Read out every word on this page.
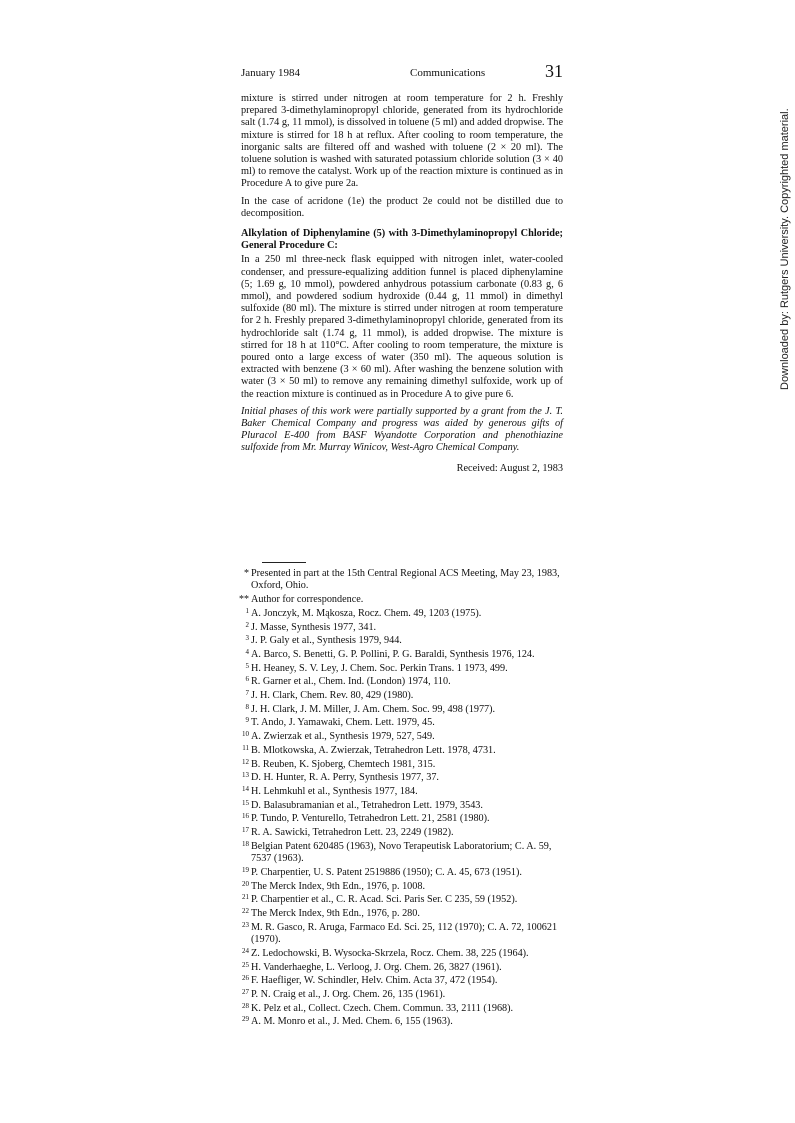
January 1984	Communications	31

mixture is stirred under nitrogen at room temperature for 2 h. Freshly prepared 3-dimethylaminopropyl chloride, generated from its hydrochloride salt (1.74 g, 11 mmol), is dissolved in toluene (5 ml) and added dropwise. The mixture is stirred for 18 h at reflux. After cooling to room temperature, the inorganic salts are filtered off and washed with toluene (2 × 20 ml). The toluene solution is washed with saturated potassium chloride solution (3 × 40 ml) to remove the catalyst. Work up of the reaction mixture is continued as in Procedure A to give pure 2a.

In the case of acridone (1e) the product 2e could not be distilled due to decomposition.

Alkylation of Diphenylamine (5) with 3-Dimethylaminopropyl Chloride; General Procedure C:

In a 250 ml three-neck flask equipped with nitrogen inlet, water-cooled condenser, and pressure-equalizing addition funnel is placed diphenylamine (5; 1.69 g, 10 mmol), powdered anhydrous potassium carbonate (0.83 g, 6 mmol), and powdered sodium hydroxide (0.44 g, 11 mmol) in dimethyl sulfoxide (80 ml). The mixture is stirred under nitrogen at room temperature for 2 h. Freshly prepared 3-dimethylaminopropyl chloride, generated from its hydrochloride salt (1.74 g, 11 mmol), is added dropwise. The mixture is stirred for 18 h at 110°C. After cooling to room temperature, the mixture is poured onto a large excess of water (350 ml). The aqueous solution is extracted with benzene (3 × 60 ml). After washing the benzene solution with water (3 × 50 ml) to remove any remaining dimethyl sulfoxide, work up of the reaction mixture is continued as in Procedure A to give pure 6.

Initial phases of this work were partially supported by a grant from the J. T. Baker Chemical Company and progress was aided by generous gifts of Pluracol E-400 from BASF Wyandotte Corporation and phenothiazine sulfoxide from Mr. Murray Winicov, West-Agro Chemical Company.

Received: August 2, 1983
* Presented in part at the 15th Central Regional ACS Meeting, May 23, 1983, Oxford, Ohio.
** Author for correspondence.
1 A. Jonczyk, M. Mąkosza, Rocz. Chem. 49, 1203 (1975).
2 J. Masse, Synthesis 1977, 341.
3 J. P. Galy et al., Synthesis 1979, 944.
4 A. Barco, S. Benetti, G. P. Pollini, P. G. Baraldi, Synthesis 1976, 124.
5 H. Heaney, S. V. Ley, J. Chem. Soc. Perkin Trans. 1 1973, 499.
6 R. Garner et al., Chem. Ind. (London) 1974, 110.
7 J. H. Clark, Chem. Rev. 80, 429 (1980).
8 J. H. Clark, J. M. Miller, J. Am. Chem. Soc. 99, 498 (1977).
9 T. Ando, J. Yamawaki, Chem. Lett. 1979, 45.
10 A. Zwierzak et al., Synthesis 1979, 527, 549.
11 B. Mlotkowska, A. Zwierzak, Tetrahedron Lett. 1978, 4731.
12 B. Reuben, K. Sjoberg, Chemtech 1981, 315.
13 D. H. Hunter, R. A. Perry, Synthesis 1977, 37.
14 H. Lehmkuhl et al., Synthesis 1977, 184.
15 D. Balasubramanian et al., Tetrahedron Lett. 1979, 3543.
16 P. Tundo, P. Venturello, Tetrahedron Lett. 21, 2581 (1980).
17 R. A. Sawicki, Tetrahedron Lett. 23, 2249 (1982).
18 Belgian Patent 620485 (1963), Novo Terapeutisk Laboratorium; C. A. 59, 7537 (1963).
19 P. Charpentier, U. S. Patent 2519886 (1950); C. A. 45, 673 (1951).
20 The Merck Index, 9th Edn., 1976, p. 1008.
21 P. Charpentier et al., C. R. Acad. Sci. Paris Ser. C 235, 59 (1952).
22 The Merck Index, 9th Edn., 1976, p. 280.
23 M. R. Gasco, R. Aruga, Farmaco Ed. Sci. 25, 112 (1970); C. A. 72, 100621 (1970).
24 Z. Ledochowski, B. Wysocka-Skrzela, Rocz. Chem. 38, 225 (1964).
25 H. Vanderhaeghe, L. Verloog, J. Org. Chem. 26, 3827 (1961).
26 F. Haefliger, W. Schindler, Helv. Chim. Acta 37, 472 (1954).
27 P. N. Craig et al., J. Org. Chem. 26, 135 (1961).
28 K. Pelz et al., Collect. Czech. Chem. Commun. 33, 2111 (1968).
29 A. M. Monro et al., J. Med. Chem. 6, 155 (1963).
Downloaded by: Rutgers University. Copyrighted material.
